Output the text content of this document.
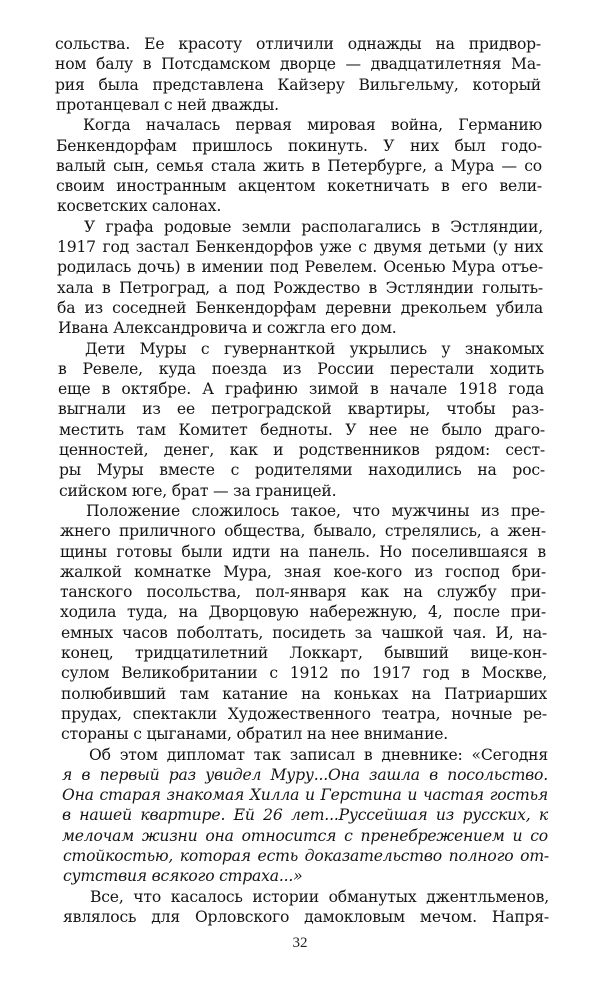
сольства. Ее красоту отличили однажды на придвор-
ном балу в Потсдамском дворце — двадцатилетняя Ма-
рия была представлена Кайзеру Вильгельму, который
протанцевал с ней дважды.
Когда началась первая мировая война, Германию
Бенкендорфам пришлось покинуть. У них был годо-
валый сын, семья стала жить в Петербурге, а Мура — со
своим иностранным акцентом кокетничать в его вели-
косветских салонах.
У графа родовые земли располагались в Эстляндии,
1917 год застал Бенкендорфов уже с двумя детьми (у них
родилась дочь) в имении под Ревелем. Осенью Мура отъе-
хала в Петроград, а под Рождество в Эстляндии голыть-
ба из соседней Бенкендорфам деревни дрекольем убила
Ивана Александровича и сожгла его дом.
Дети Муры с гувернанткой укрылись у знакомых
в Ревеле, куда поезда из России перестали ходить
еще в октябре. А графиню зимой в начале 1918 года
выгнали из ее петроградской квартиры, чтобы раз-
местить там Комитет бедноты. У нее не было драго-
ценностей, денег, как и родственников рядом: сест-
ры Муры вместе с родителями находились на рос-
сийском юге, брат — за границей.
Положение сложилось такое, что мужчины из пре-
жнего приличного общества, бывало, стрелялись, а жен-
щины готовы были идти на панель. Но поселившаяся в
жалкой комнатке Мура, зная кое-кого из господ бри-
танского посольства, пол-января как на службу при-
ходила туда, на Дворцовую набережную, 4, после при-
емных часов поболтать, посидеть за чашкой чая. И, на-
конец, тридцатилетний Локкарт, бывший вице-кон-
сулом Великобритании с 1912 по 1917 год в Москве,
полюбивший там катание на коньках на Патриарших
прудах, спектакли Художественного театра, ночные ре-
стораны с цыганами, обратил на нее внимание.
Об этом дипломат так записал в дневнике: «Сегодня
я в первый раз увидел Муру...Она зашла в посольство.
Она старая знакомая Хилла и Герстина и частая гостья
в нашей квартире. Ей 26 лет...Руссейшая из русских, к
мелочам жизни она относится с пренебрежением и со
стойкостью, которая есть доказательство полного от-
сутствия всякого страха...»
Все, что касалось истории обманутых джентльменов,
являлось для Орловского дамокловым мечом. Напря-
32
